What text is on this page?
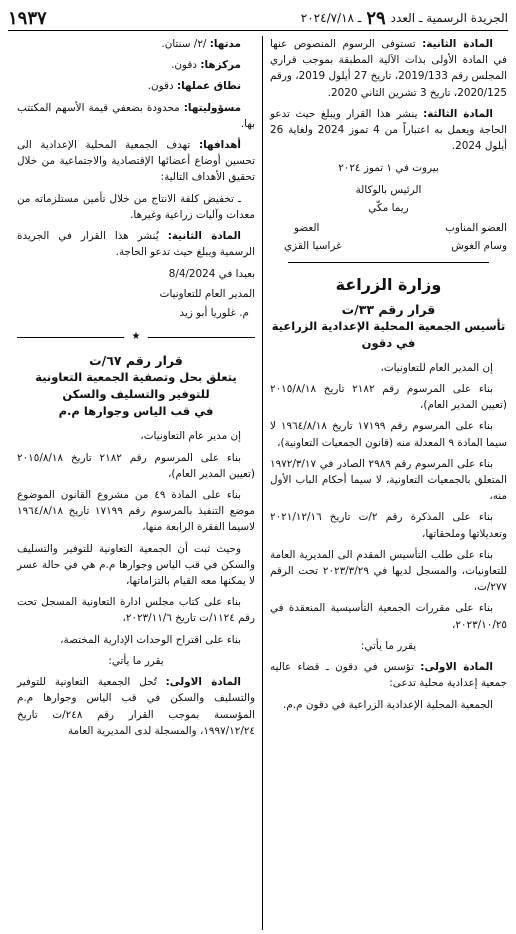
الجريدة الرسمية ـ العدد
٢٩
ـ ٢٠٢٤/٧/١٨
١٩٣٧

المادة الثانية: تستوفى الرسوم المنصوص عنها في المادة الأولى بذات الآلية المطبقة بموجب قراري المجلس رقم 2019/133، تاريخ 27 أيلول 2019، ورقم 2020/125، تاريخ 3 تشرين الثاني 2020.

المادة الثالثة: ينشر هذا القرار ويبلغ حيث تدعو الحاجة ويعمل به اعتباراً من 4 تموز 2024 ولغاية 26 أيلول 2024.

بيروت في ١ تموز ٢٠٢٤

الرئيس بالوكالة

ريما مكّي

العضو المناوب
العضو
وسام الغوش
غراسيا القزي
وزارة الزراعة
قرار رقم ٣٣/ت
تأسيس الجمعية المحلية الإعدادية الزراعية
في دقون

إن المدير العام للتعاونيات،

بناء على المرسوم رقم ٢١٨٢ تاريخ ٢٠١٥/٨/١٨ (تعيين المدير العام)،

بناء على المرسوم رقم ١٧١٩٩ تاريخ ١٩٦٤/٨/١٨ لا سيما المادة ٩ المعدلة منه (قانون الجمعيات التعاونية)،

بناء على المرسوم رقم ٢٩٨٩ الصادر في ١٩٧٢/٣/١٧ المتعلق بالجمعيات التعاونية، لا سيما أحكام الباب الأول منه،

بناء على المذكرة رقم ٢/ت تاريخ ٢٠٢١/١٢/١٦ وتعديلاتها وملحقاتها،

بناء على طلب التأسيس المقدم الى المديرية العامة للتعاونيات، والمسجل لديها في ٢٠٢٣/٣/٢٩ تحت الرقم ٢٧٧/ت،

بناء على مقررات الجمعية التأسيسية المنعقدة في ٢٠٢٣/١٠/٢٥،

يقرر ما يأتي:

المادة الاولى: تؤسس في دقون ـ قضاء عاليه جمعية إعدادية محلية تدعى:

الجمعية المحلية الإعدادية الزراعية في دقون م.م.

مدتها: /٢/ سنتان.

مركزها: دقون.

نطاق عملها: دقون.

مسؤوليتها: محدودة بضعفي قيمة الأسهم المكتتب بها.

أهدافها: تهدف الجمعية المحلية الإعدادية الى تحسين أوضاع أعضائها الإقتصادية والاجتماعية من خلال تحقيق الأهداف التالية:

ـ تخفيض كلفة الانتاج من خلال تأمين مستلزماته من معدات وآليات زراعية وغيرها.

المادة الثانية: يُنشر هذا القرار في الجريدة الرسمية ويبلغ حيث تدعو الحاجة.

بعبدا في 8/4/2024

المدير العام للتعاونيات

م. غلوريا أبو زيد

★
قرار رقم ٦٧/ت
يتعلق بحل وتصفية الجمعية التعاونية
للتوفير والتسليف والسكن
في قب الياس وجوارها م.م

إن مدير عام التعاونيات،

بناء على المرسوم رقم ٢١٨٢ تاريخ ٢٠١٥/٨/١٨ (تعيين المدير العام)،

بناء على المادة ٤٩ من مشروع القانون الموضوع موضع التنفيذ بالمرسوم رقم ١٧١٩٩ تاريخ ١٩٦٤/٨/١٨ لاسيما الفقرة الرابعة منها،

وحيث ثبت أن الجمعية التعاونية للتوفير والتسليف والسكن في قب الياس وجوارها م.م هي في حالة عسر لا يمكنها معه القيام بالتزاماتها،

بناء على كتاب مجلس ادارة التعاونية المسجل تحت رقم ١١٢٤/ت تاريخ ٢٠٢٣/١١/٦،

بناء على اقتراح الوحدات الإدارية المختصة،

يقرر ما يأتي:

المادة الاولى: تُحل الجمعية التعاونية للتوفير والتسليف والسكن في قب الياس وجوارها م.م المؤسسة بموجب القرار رقم ٢٤٨/ت تاريخ ١٩٩٧/١٢/٢٤، والمسجلة لدى المديرية العامة
